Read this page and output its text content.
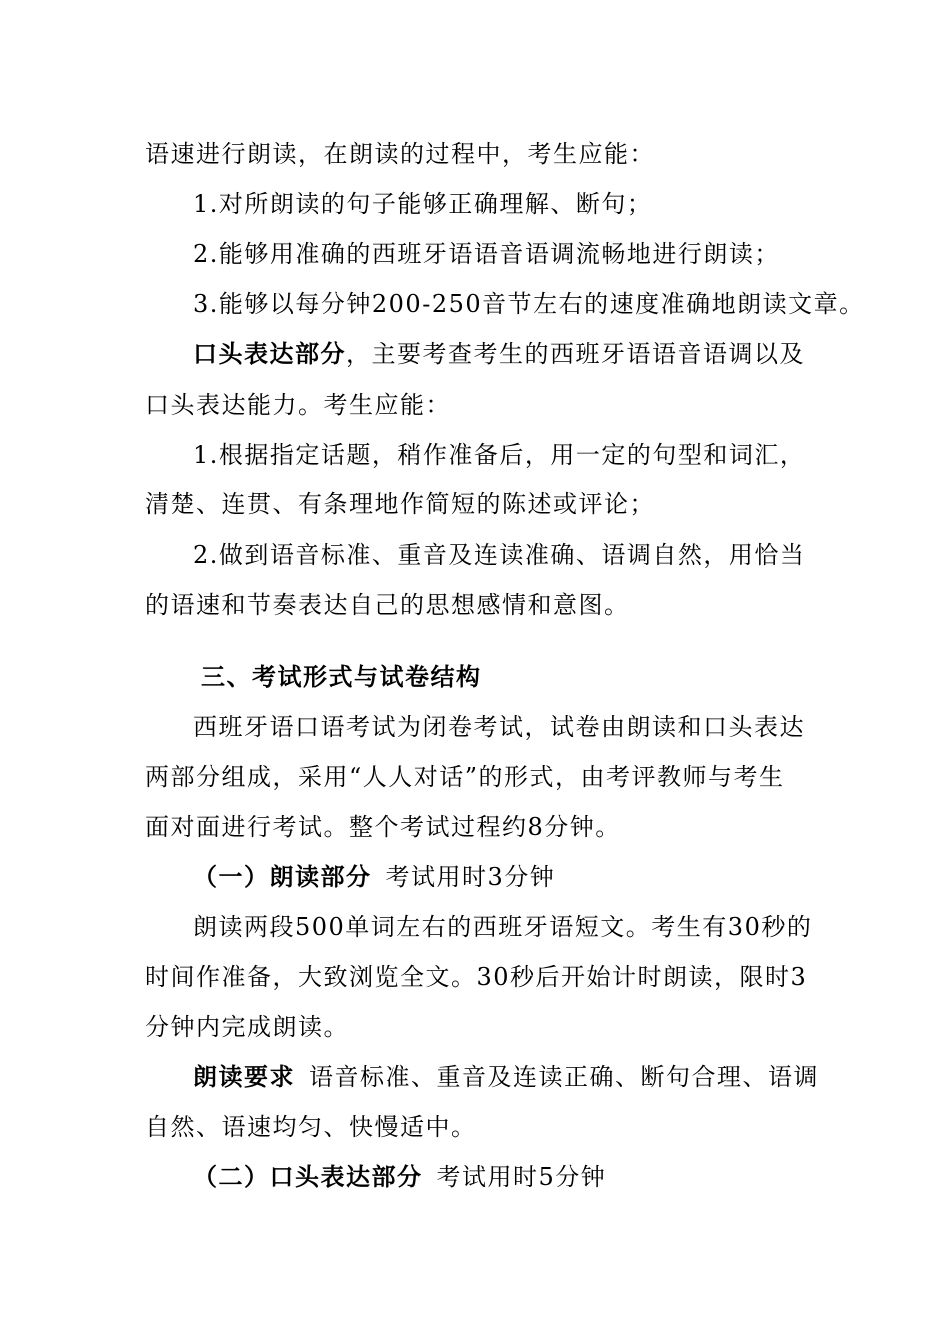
语速进行朗读，在朗读的过程中，考生应能：
1.对所朗读的句子能够正确理解、断句；
2.能够用准确的西班牙语语音语调流畅地进行朗读；
3.能够以每分钟200-250音节左右的速度准确地朗读文章。
口头表达部分，主要考查考生的西班牙语语音语调以及
口头表达能力。考生应能：
1.根据指定话题，稍作准备后，用一定的句型和词汇，
清楚、连贯、有条理地作简短的陈述或评论；
2.做到语音标准、重音及连读准确、语调自然，用恰当
的语速和节奏表达自己的思想感情和意图。
三、考试形式与试卷结构
西班牙语口语考试为闭卷考试，试卷由朗读和口头表达
两部分组成，采用“人人对话”的形式，由考评教师与考生
面对面进行考试。整个考试过程约8分钟。
（一）朗读部分 考试用时3分钟
朗读两段500单词左右的西班牙语短文。考生有30秒的
时间作准备，大致浏览全文。30秒后开始计时朗读，限时3
分钟内完成朗读。
朗读要求 语音标准、重音及连读正确、断句合理、语调
自然、语速均匀、快慢适中。
（二）口头表达部分 考试用时5分钟
